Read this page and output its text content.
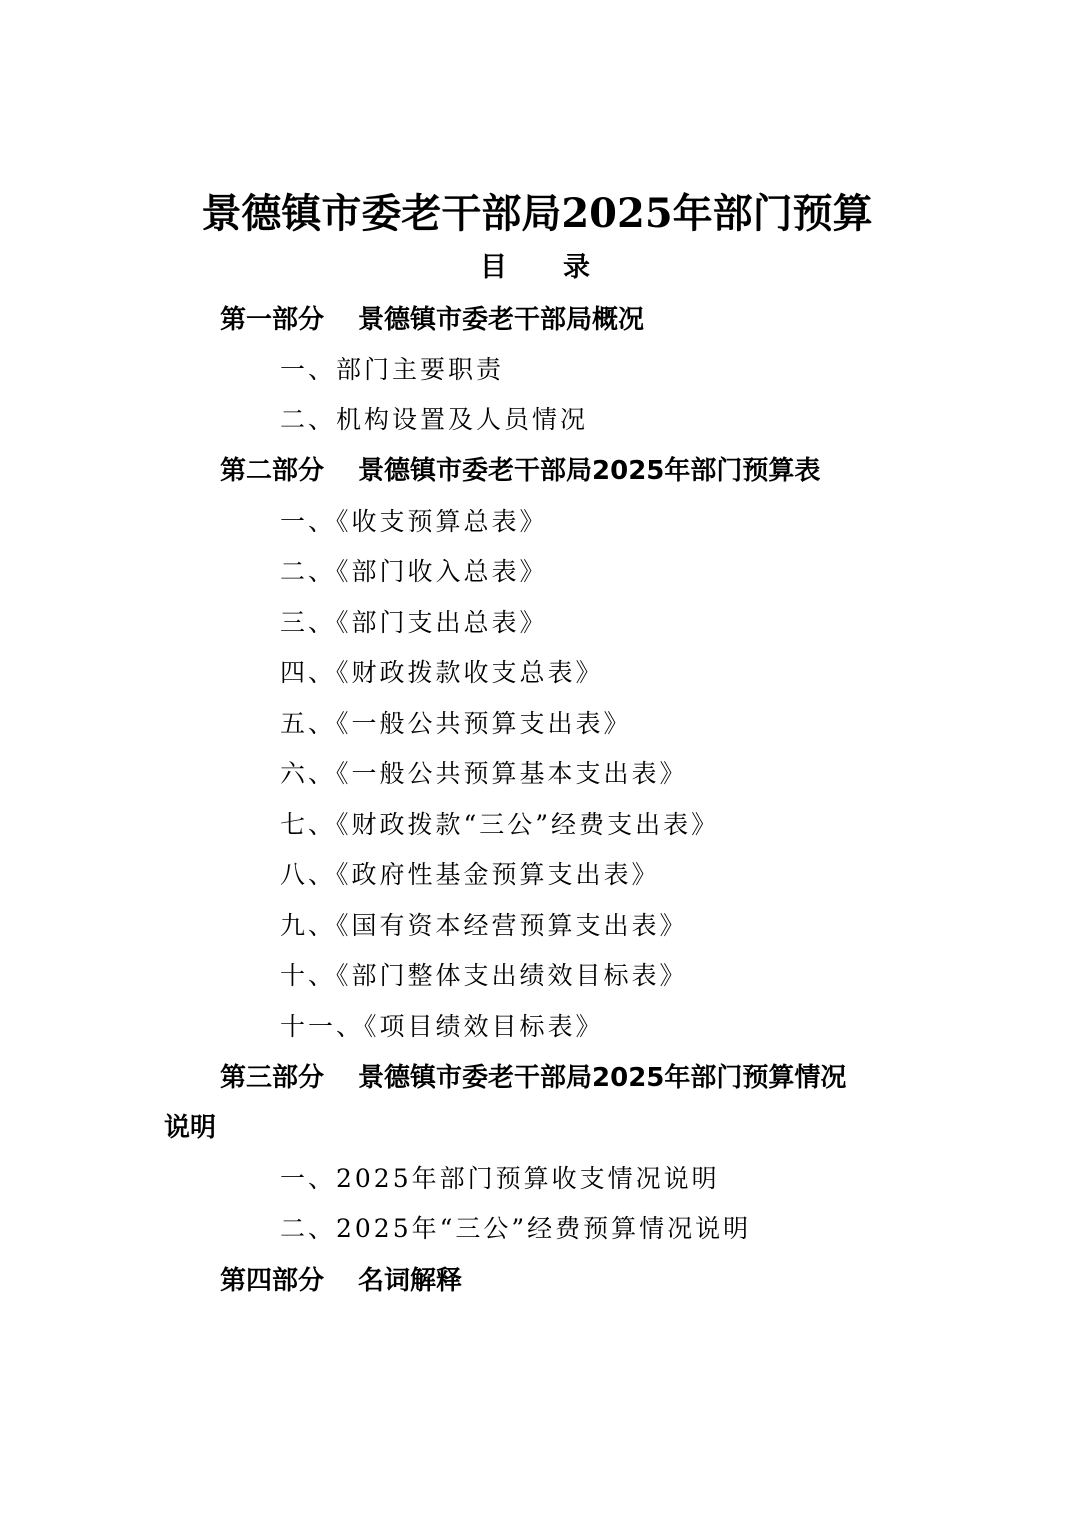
景德镇市委老干部局2025年部门预算
目录
第一部分 景德镇市委老干部局概况
一、部门主要职责
二、机构设置及人员情况
第二部分 景德镇市委老干部局2025年部门预算表
一、《收支预算总表》
二、《部门收入总表》
三、《部门支出总表》
四、《财政拨款收支总表》
五、《一般公共预算支出表》
六、《一般公共预算基本支出表》
七、《财政拨款“三公”经费支出表》
八、《政府性基金预算支出表》
九、《国有资本经营预算支出表》
十、《部门整体支出绩效目标表》
十一、《项目绩效目标表》
第三部分 景德镇市委老干部局2025年部门预算情况
说明
一、2025年部门预算收支情况说明
二、2025年“三公”经费预算情况说明
第四部分 名词解释
